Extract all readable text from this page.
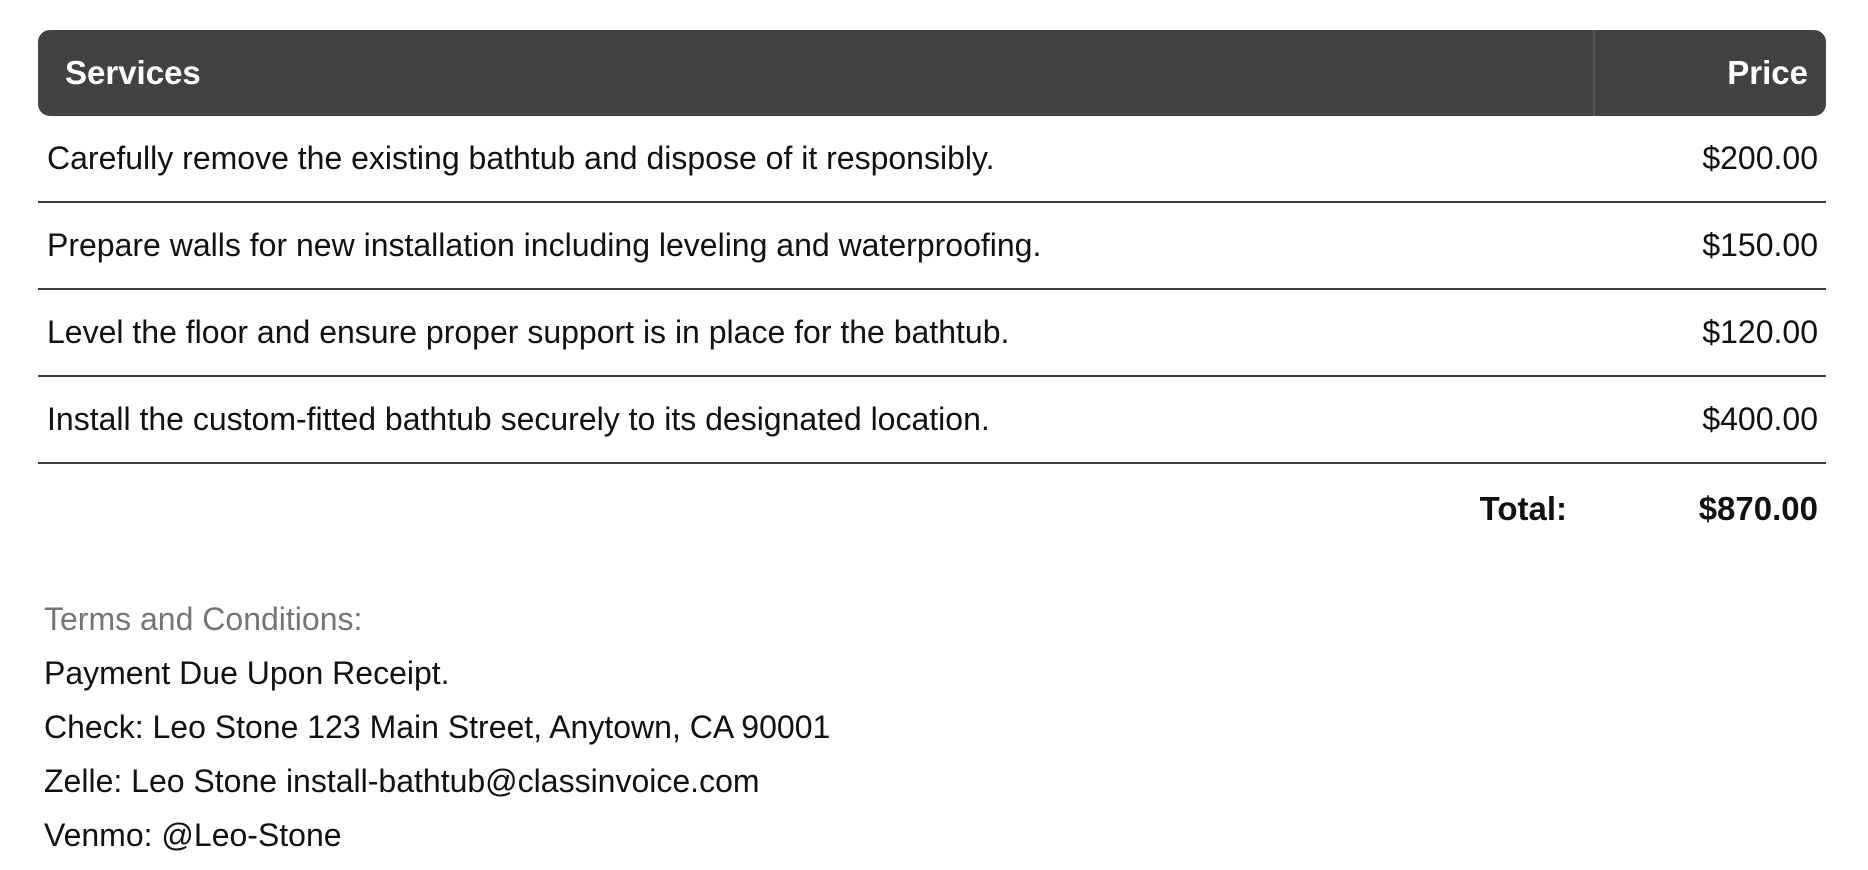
Services	Price
Carefully remove the existing bathtub and dispose of it responsibly.	$200.00
Prepare walls for new installation including leveling and waterproofing.	$150.00
Level the floor and ensure proper support is in place for the bathtub.	$120.00
Install the custom-fitted bathtub securely to its designated location.	$400.00
Total:	$870.00
Terms and Conditions:
Payment Due Upon Receipt.
Check: Leo Stone 123 Main Street, Anytown, CA 90001
Zelle: Leo Stone install-bathtub@classinvoice.com
Venmo: @Leo-Stone
